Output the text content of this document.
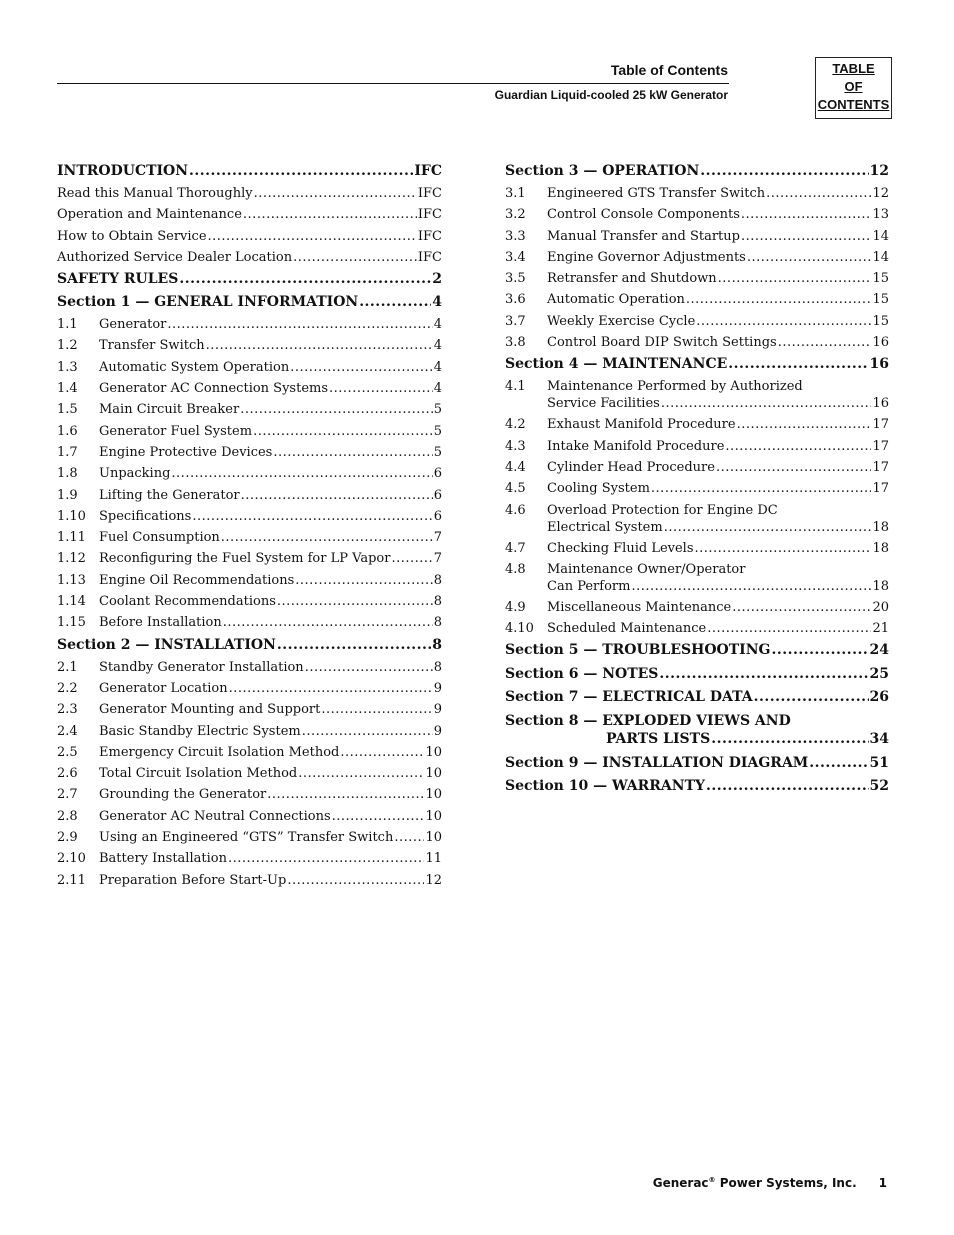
Table of Contents
Guardian Liquid-cooled 25 kW Generator
TABLE
OF
CONTENTS
INTRODUCTION .....	IFC
Read this Manual Thoroughly .....	IFC
Operation and Maintenance .....	IFC
How to Obtain Service .....	IFC
Authorized Service Dealer Location .....	IFC
SAFETY RULES .....	2
Section 1 — GENERAL INFORMATION .....	4
1.1	Generator .....	4
1.2	Transfer Switch .....	4
1.3	Automatic System Operation .....	4
1.4	Generator AC Connection Systems .....	4
1.5	Main Circuit Breaker .....	5
1.6	Generator Fuel System .....	5
1.7	Engine Protective Devices .....	5
1.8	Unpacking .....	6
1.9	Lifting the Generator .....	6
1.10	Specifications .....	6
1.11	Fuel Consumption .....	7
1.12	Reconfiguring the Fuel System for LP Vapor .....	7
1.13	Engine Oil Recommendations .....	8
1.14	Coolant Recommendations .....	8
1.15	Before Installation .....	8
Section 2 — INSTALLATION .....	8
2.1	Standby Generator Installation .....	8
2.2	Generator Location .....	9
2.3	Generator Mounting and Support .....	9
2.4	Basic Standby Electric System .....	9
2.5	Emergency Circuit Isolation Method .....	10
2.6	Total Circuit Isolation Method .....	10
2.7	Grounding the Generator .....	10
2.8	Generator AC Neutral Connections .....	10
2.9	Using an Engineered “GTS” Transfer Switch ..... 10
2.10	Battery Installation .....	11
2.11	Preparation Before Start-Up .....	12
Section 3 — OPERATION .....	12
3.1	Engineered GTS Transfer Switch .....	12
3.2	Control Console Components .....	13
3.3	Manual Transfer and Startup .....	14
3.4	Engine Governor Adjustments .....	14
3.5	Retransfer and Shutdown .....	15
3.6	Automatic Operation .....	15
3.7	Weekly Exercise Cycle .....	15
3.8	Control Board DIP Switch Settings .....	16
Section 4 — MAINTENANCE .....	16
4.1	Maintenance Performed by Authorized
Service Facilities .....	16
4.2	Exhaust Manifold Procedure .....	17
4.3	Intake Manifold Procedure .....	17
4.4	Cylinder Head Procedure .....	17
4.5	Cooling System .....	17
4.6	Overload Protection for Engine DC
Electrical System .....	18
4.7	Checking Fluid Levels .....	18
4.8	Maintenance Owner/Operator
Can Perform .....	18
4.9	Miscellaneous Maintenance .....	20
4.10	Scheduled Maintenance .....	21
Section 5 — TROUBLESHOOTING .....	24
Section 6 — NOTES .....	25
Section 7 — ELECTRICAL DATA .....	26
Section 8 — EXPLODED VIEWS AND
PARTS LISTS .....	34
Section 9 — INSTALLATION DIAGRAM .....	51
Section 10 — WARRANTY .....	52
Generac® Power Systems, Inc. 1
